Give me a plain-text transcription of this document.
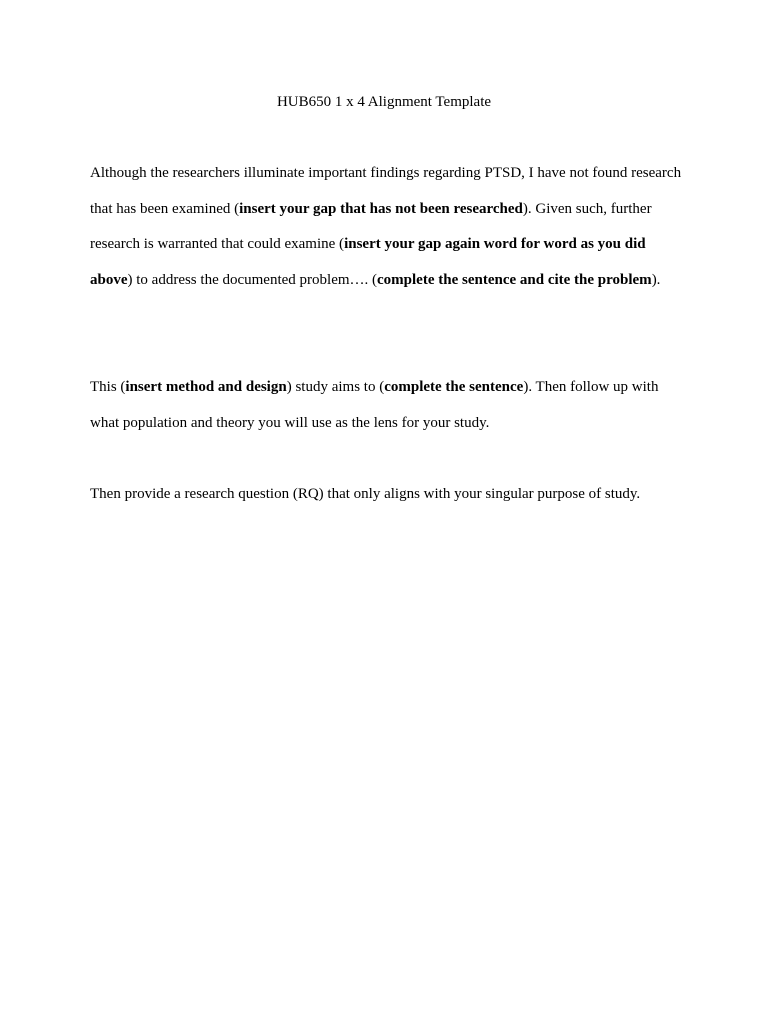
HUB650 1 x 4 Alignment Template
Although the researchers illuminate important findings regarding PTSD, I have not found research that has been examined (insert your gap that has not been researched). Given such, further research is warranted that could examine (insert your gap again word for word as you did above) to address the documented problem…. (complete the sentence and cite the problem).
This (insert method and design) study aims to (complete the sentence). Then follow up with what population and theory you will use as the lens for your study.
Then provide a research question (RQ) that only aligns with your singular purpose of study.
